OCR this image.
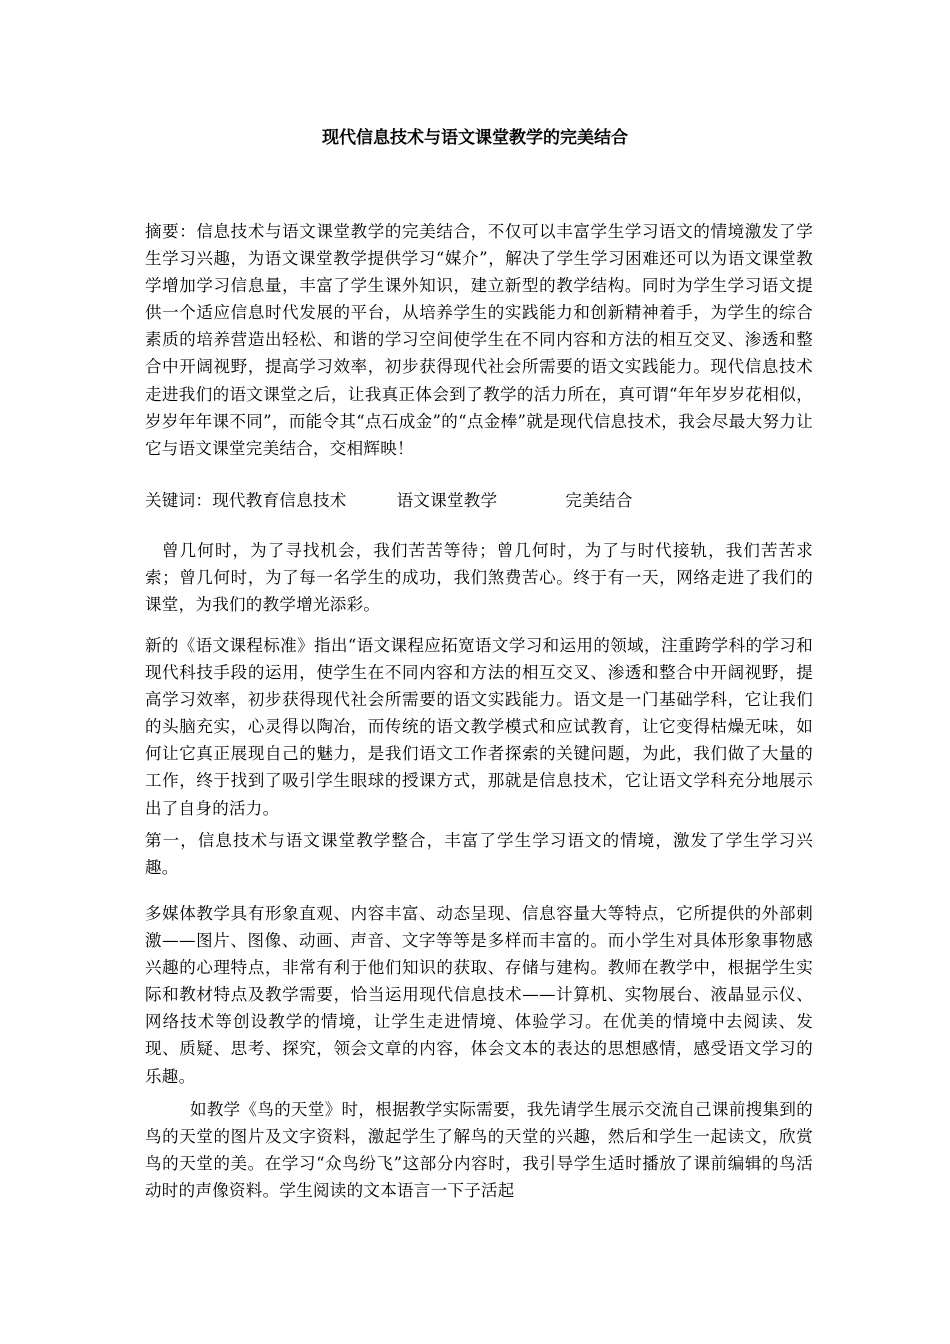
现代信息技术与语文课堂教学的完美结合

摘要：信息技术与语文课堂教学的完美结合，不仅可以丰富学生学习语文的情境激发了学生学习兴趣，为语文课堂教学提供学习“媒介”，解决了学生学习困难还可以为语文课堂教学增加学习信息量，丰富了学生课外知识，建立新型的教学结构。同时为学生学习语文提供一个适应信息时代发展的平台，从培养学生的实践能力和创新精神着手，为学生的综合素质的培养营造出轻松、和谐的学习空间使学生在不同内容和方法的相互交叉、渗透和整合中开阔视野，提高学习效率，初步获得现代社会所需要的语文实践能力。现代信息技术走进我们的语文课堂之后，让我真正体会到了教学的活力所在，真可谓“年年岁岁花相似，岁岁年年课不同”，而能令其“点石成金”的“点金棒”就是现代信息技术，我会尽最大努力让它与语文课堂完美结合，交相辉映！

关键词：现代教育信息技术	语文课堂教学	完美结合

曾几何时，为了寻找机会，我们苦苦等待；曾几何时，为了与时代接轨，我们苦苦求索；曾几何时，为了每一名学生的成功，我们煞费苦心。终于有一天，网络走进了我们的课堂，为我们的教学增光添彩。

新的《语文课程标准》指出“语文课程应拓宽语文学习和运用的领域，注重跨学科的学习和现代科技手段的运用，使学生在不同内容和方法的相互交叉、渗透和整合中开阔视野，提高学习效率，初步获得现代社会所需要的语文实践能力。语文是一门基础学科，它让我们的头脑充实，心灵得以陶冶，而传统的语文教学模式和应试教育，让它变得枯燥无味，如何让它真正展现自己的魅力，是我们语文工作者探索的关键问题，为此，我们做了大量的工作，终于找到了吸引学生眼球的授课方式，那就是信息技术，它让语文学科充分地展示出了自身的活力。

第一，信息技术与语文课堂教学整合，丰富了学生学习语文的情境，激发了学生学习兴趣。

多媒体教学具有形象直观、内容丰富、动态呈现、信息容量大等特点，它所提供的外部刺激——图片、图像、动画、声音、文字等等是多样而丰富的。而小学生对具体形象事物感兴趣的心理特点，非常有利于他们知识的获取、存储与建构。教师在教学中，根据学生实际和教材特点及教学需要，恰当运用现代信息技术——计算机、实物展台、液晶显示仪、网络技术等创设教学的情境，让学生走进情境、体验学习。在优美的情境中去阅读、发现、质疑、思考、探究，领会文章的内容，体会文本的表达的思想感情，感受语文学习的乐趣。

如教学《鸟的天堂》时，根据教学实际需要，我先请学生展示交流自己课前搜集到的鸟的天堂的图片及文字资料，激起学生了解鸟的天堂的兴趣，然后和学生一起读文，欣赏鸟的天堂的美。在学习“众鸟纷飞”这部分内容时，我引导学生适时播放了课前编辑的鸟活动时的声像资料。学生阅读的文本语言一下子活起
